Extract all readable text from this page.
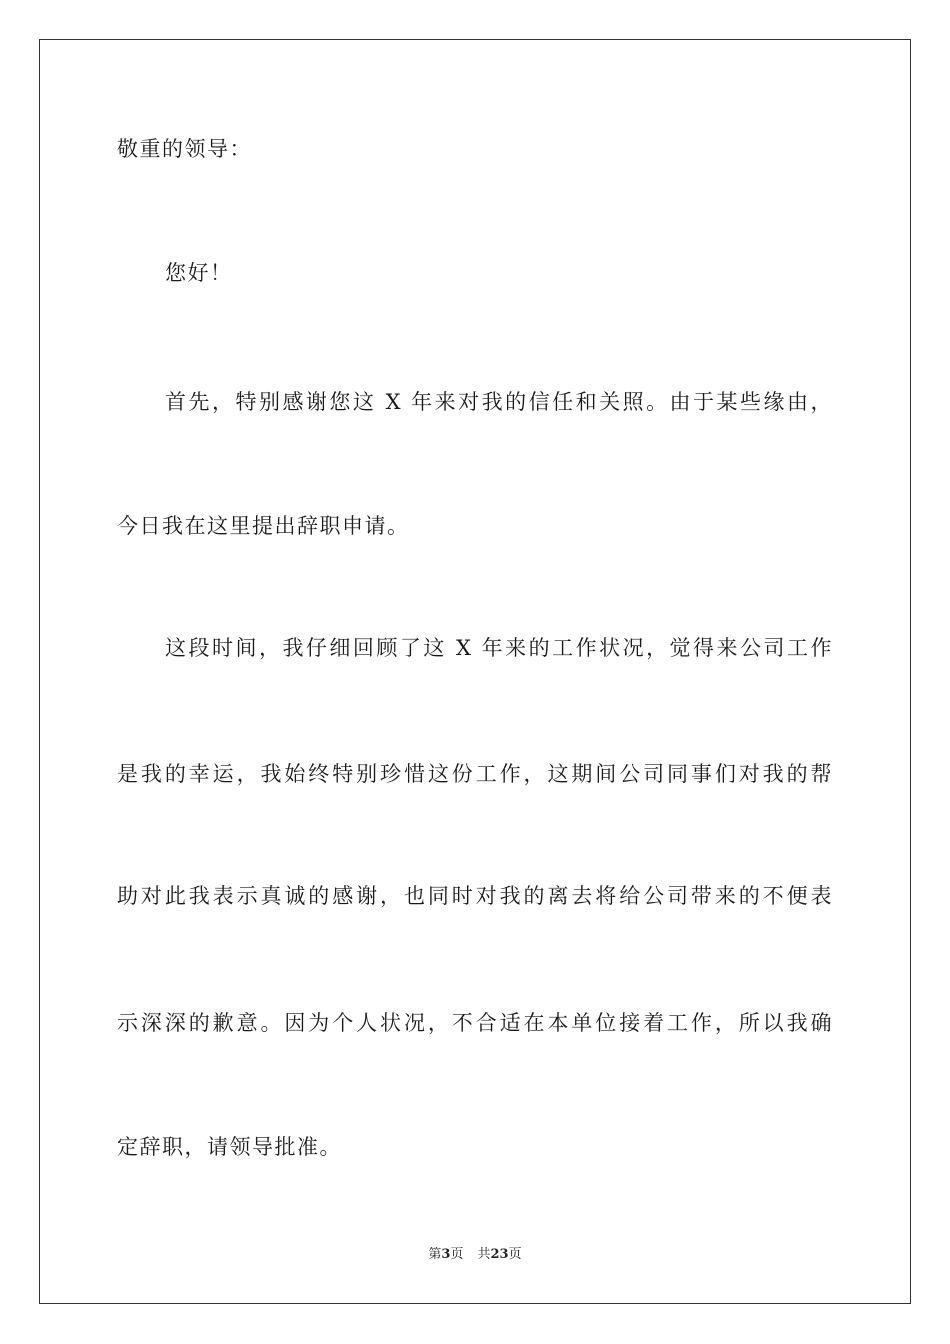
敬重的领导：
您好！
首先，特别感谢您这 X 年来对我的信任和关照。由于某些缘由，
今日我在这里提出辞职申请。
这段时间，我仔细回顾了这 X 年来的工作状况，觉得来公司工作
是我的幸运，我始终特别珍惜这份工作，这期间公司同事们对我的帮
助对此我表示真诚的感谢，也同时对我的离去将给公司带来的不便表
示深深的歉意。因为个人状况，不合适在本单位接着工作，所以我确
定辞职，请领导批准。
第3页 共23页
